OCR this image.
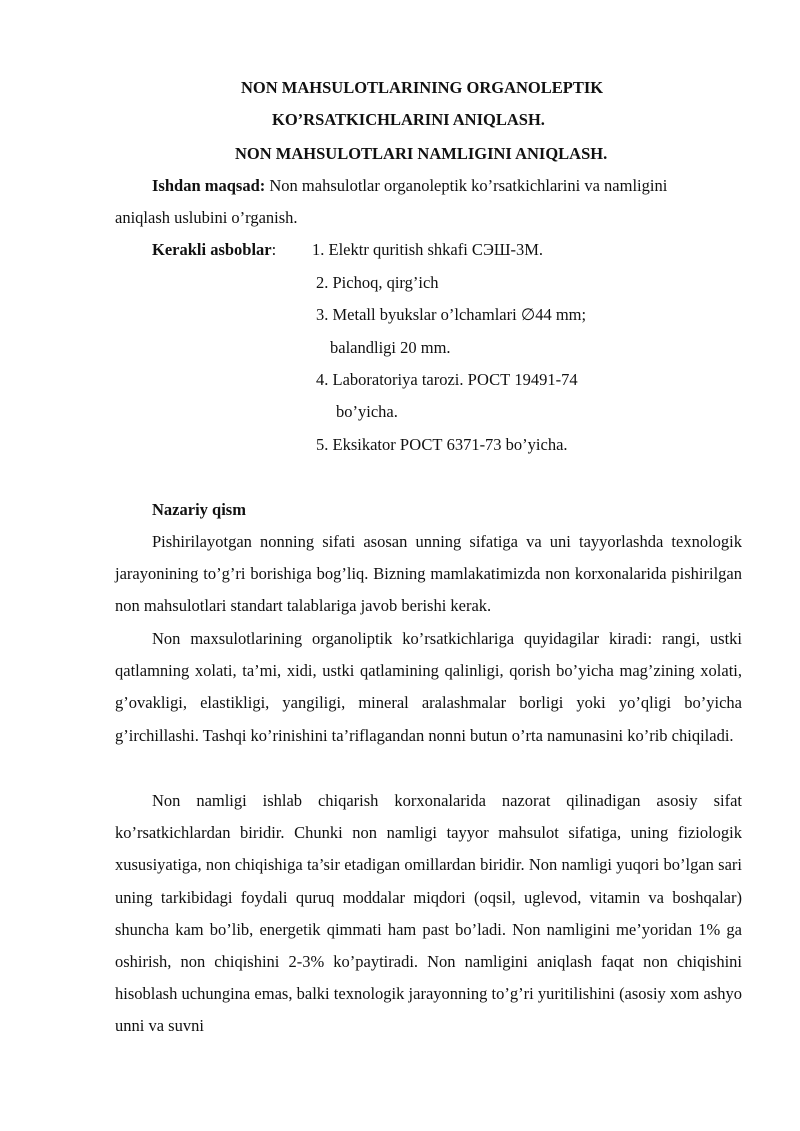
NON MAHSULOTLARINING ORGANOLEPTIK
KO’RSATKICHLARINI ANIQLASH.
NON MAHSULOTLARI NAMLIGINI ANIQLASH.
Ishdan maqsad: Non mahsulotlar organoleptik ko’rsatkichlarini va namligini
aniqlash uslubini o’rganish.
Kerakli asboblar: 1. Elektr quritish shkafi СЭШ-3М.
2. Pichoq, qirg’ich
3. Metall byukslar o’lchamlari ∅44 mm;
balandligi 20 mm.
4. Laboratoriya tarozi. РОСТ 19491-74
bo’yicha.
5. Eksikator РОСТ 6371-73 bo’yicha.
Nazariy qism

Pishirilayotgan nonning sifati asosan unning sifatiga va uni tayyorlashda texnologik jarayonining to’g’ri borishiga bog’liq. Bizning mamlakatimizda non korxonalarida pishirilgan non mahsulotlari standart talablariga javob berishi kerak.

Non maxsulotlarining organoliptik ko’rsatkichlariga quyidagilar kiradi: rangi, ustki qatlamning xolati, ta’mi, xidi, ustki qatlamining qalinligi, qorish bo’yicha mag’zining xolati, g’ovakligi, elastikligi, yangiligi, mineral aralashmalar borligi yoki yo’qligi bo’yicha g’irchillashi. Tashqi ko’rinishini ta’riflagandan nonni butun o’rta namunasini ko’rib chiqiladi.

Non namligi ishlab chiqarish korxonalarida nazorat qilinadigan asosiy sifat ko’rsatkichlardan biridir. Chunki non namligi tayyor mahsulot sifatiga, uning fiziologik xususiyatiga, non chiqishiga ta’sir etadigan omillardan biridir. Non namligi yuqori bo’lgan sari uning tarkibidagi foydali quruq moddalar miqdori (oqsil, uglevod, vitamin va boshqalar) shuncha kam bo’lib, energetik qimmati ham past bo’ladi. Non namligini me’yoridan 1% ga oshirish, non chiqishini 2-3% ko’paytiradi. Non namligini aniqlash faqat non chiqishini hisoblash uchungina emas, balki texnologik jarayonning to’g’ri yuritilishini (asosiy xom ashyo unni va suvni
